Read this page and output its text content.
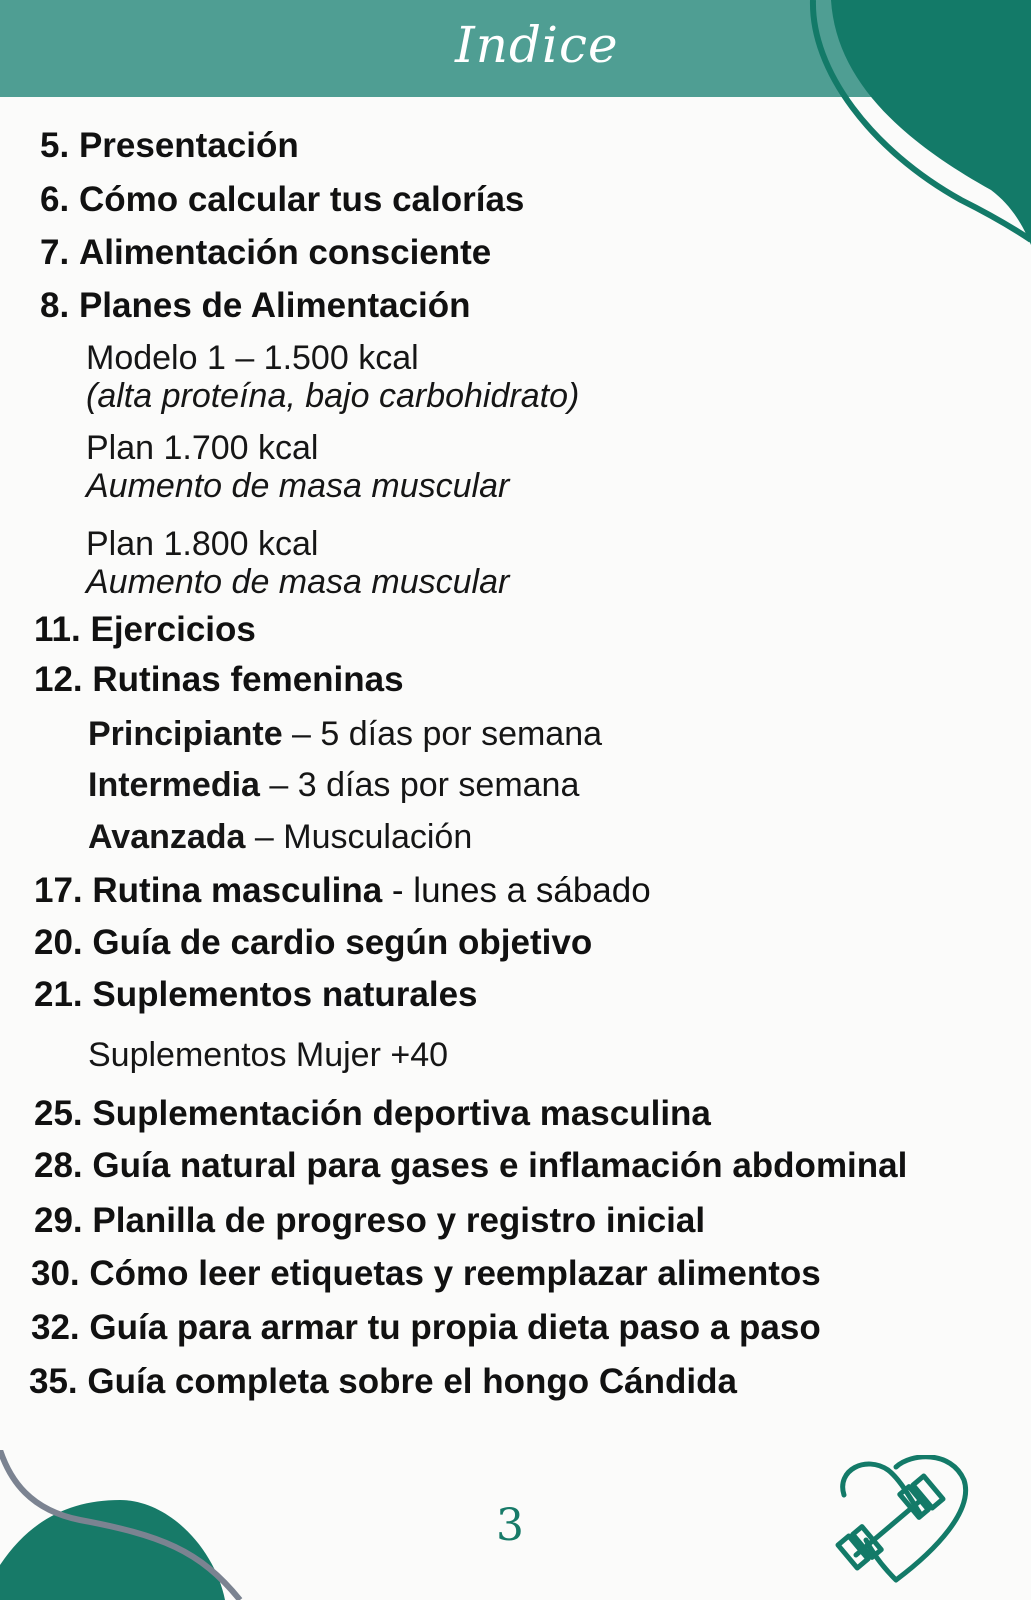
Indice
5. Presentación
6. Cómo calcular tus calorías
7. Alimentación consciente
8. Planes de Alimentación
Modelo 1 – 1.500 kcal
(alta proteína, bajo carbohidrato)
Plan 1.700 kcal
Aumento de masa muscular
Plan 1.800 kcal
Aumento de masa muscular
11. Ejercicios
12. Rutinas femeninas
Principiante – 5 días por semana
Intermedia – 3 días por semana
Avanzada – Musculación
17. Rutina masculina - lunes a sábado
20. Guía de cardio según objetivo
21. Suplementos naturales
Suplementos Mujer +40
25. Suplementación deportiva masculina
28. Guía natural para gases e inflamación abdominal
29. Planilla de progreso y registro inicial
30. Cómo leer etiquetas y reemplazar alimentos
32. Guía para armar tu propia dieta paso a paso
35. Guía completa sobre el hongo Cándida
3
